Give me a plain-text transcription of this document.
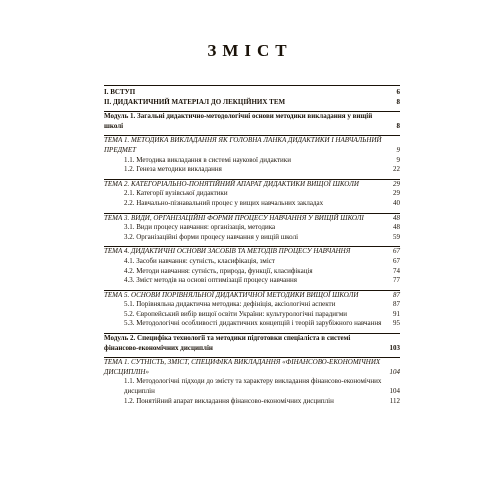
ЗМІСТ
І. ВСТУП	6
ІІ. ДИДАКТИЧНИЙ МАТЕРІАЛ ДО ЛЕКЦІЙНИХ ТЕМ	8
Модуль 1. Загальні дидактично-методологічні основи методики викладання у вищій школі	8
ТЕМА 1. МЕТОДИКА ВИКЛАДАННЯ ЯК ГОЛОВНА ЛАНКА ДИДАКТИКИ І НАВЧАЛЬНИЙ ПРЕДМЕТ	9
1.1. Методика викладання в системі наукової дидактики	9
1.2. Генеза методики викладання	22
ТЕМА 2. КАТЕГОРІАЛЬНО-ПОНЯТІЙНИЙ АПАРАТ ДИДАКТИКИ ВИЩОЇ ШКОЛИ	29
2.1. Категорії вузівської дидактики	29
2.2. Навчально-пізнавальний процес у вищих навчальних закладах	40
ТЕМА 3. ВИДИ, ОРГАНІЗАЦІЙНІ ФОРМИ ПРОЦЕСУ НАВЧАННЯ У ВИЩІЙ ШКОЛІ	48
3.1. Види процесу навчання: організація, методика	48
3.2. Організаційні форми процесу навчання у вищій школі	59
ТЕМА 4. ДИДАКТИЧНІ ОСНОВИ ЗАСОБІВ ТА МЕТОДІВ ПРОЦЕСУ НАВЧАННЯ	67
4.1. Засоби навчання: сутність, класифікація, зміст	67
4.2. Методи навчання: сутність, природа, функції, класифікація	74
4.3. Зміст методів на основі оптимізації процесу навчання	77
ТЕМА 5. ОСНОВИ ПОРІВНЯЛЬНОЇ ДИДАКТИЧНОЇ МЕТОДИКИ ВИЩОЇ ШКОЛИ	87
5.1. Порівняльна дидактична методика: дефініція, аксіологічні аспекти	87
5.2. Європейський вибір вищої освіти України: культурологічні парадигми	91
5.3. Методологічні особливості дидактичних концепцій і теорій зарубіжного навчання	95
Модуль 2. Специфіка технології та методики підготовки спеціаліста в системі фінансово-економічних дисциплін	103
ТЕМА 1. СУТНІСТЬ, ЗМІСТ, СПЕЦИФІКА ВИКЛАДАННЯ «ФІНАНСОВО-ЕКОНОМІЧНИХ ДИСЦИПЛІН»	104
1.1. Методологічні підходи до змісту та характеру викладання фінансово-економічних дисциплін	104
1.2. Понятійний апарат викладання фінансово-економічних дисциплін	112
